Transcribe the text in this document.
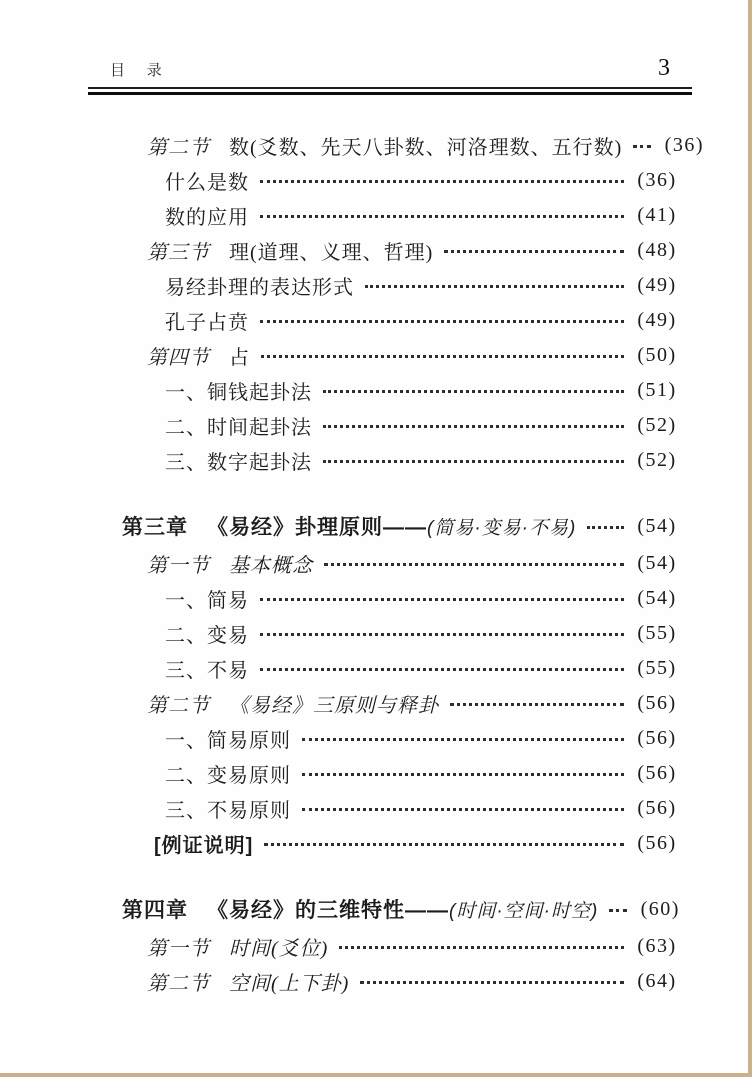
目 录	3
第二节 数(爻数、先天八卦数、河洛理数、五行数) (36)
什么是数	(36)
数的应用	(41)
第三节 理(道理、义理、哲理)	(48)
易经卦理的表达形式	(49)
孔子占贲	(49)
第四节 占	(50)
一、铜钱起卦法	(51)
二、时间起卦法	(52)
三、数字起卦法	(52)
第三章 《易经》卦理原则—— (简易·变易·不易)	(54)
第一节 基本概念	(54)
一、简易	(54)
二、变易	(55)
三、不易	(55)
第二节 《易经》三原则与释卦	(56)
一、简易原则	(56)
二、变易原则	(56)
三、不易原则	(56)
[例证说明]	(56)
第四章 《易经》的三维特性—— (时间·空间·时空) (60)
第一节 时间(爻位)	(63)
第二节 空间(上下卦)	(64)
